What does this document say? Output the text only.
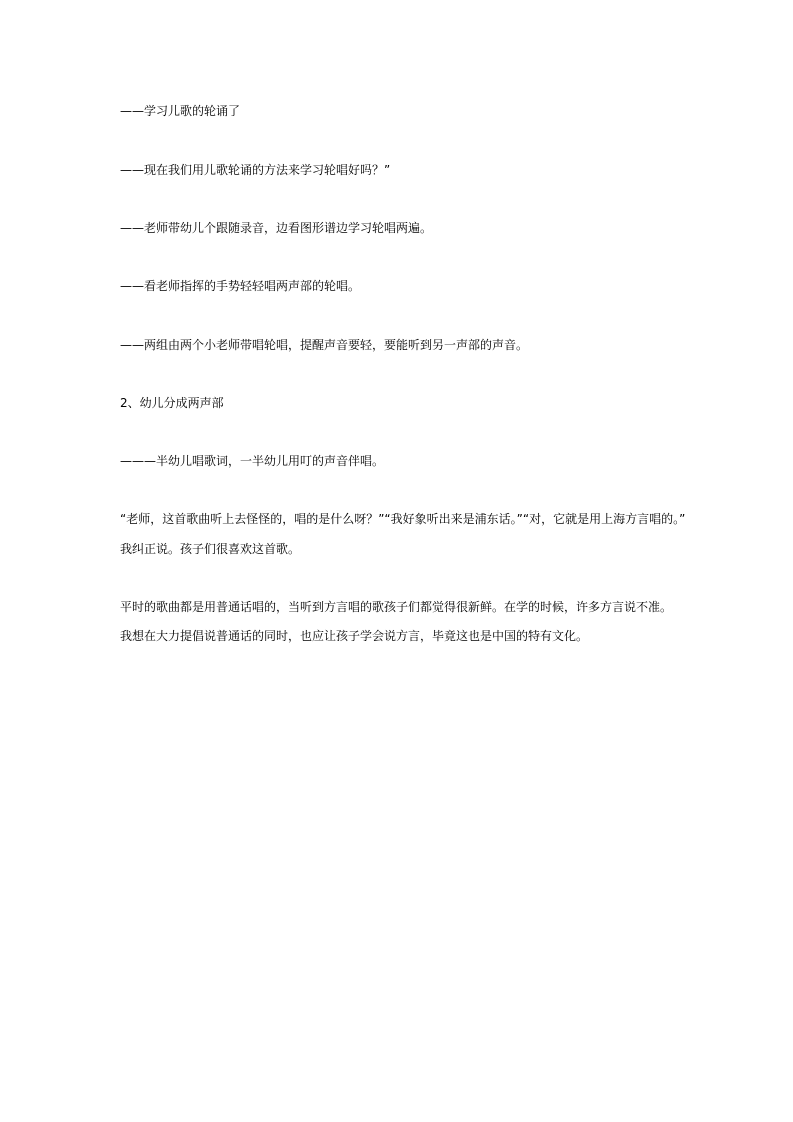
——学习儿歌的轮诵了
——现在我们用儿歌轮诵的方法来学习轮唱好吗？”
——老师带幼儿个跟随录音，边看图形谱边学习轮唱两遍。
——看老师指挥的手势轻轻唱两声部的轮唱。
——两组由两个小老师带唱轮唱，提醒声音要轻，要能听到另一声部的声音。
2、幼儿分成两声部
———半幼儿唱歌词，一半幼儿用叮的声音伴唱。
“老师，这首歌曲听上去怪怪的，唱的是什么呀？”“我好象听出来是浦东话。”“对，它就是用上海方言唱的。”
我纠正说。孩子们很喜欢这首歌。
平时的歌曲都是用普通话唱的，当听到方言唱的歌孩子们都觉得很新鲜。在学的时候，许多方言说不准。
我想在大力提倡说普通话的同时，也应让孩子学会说方言，毕竟这也是中国的特有文化。
